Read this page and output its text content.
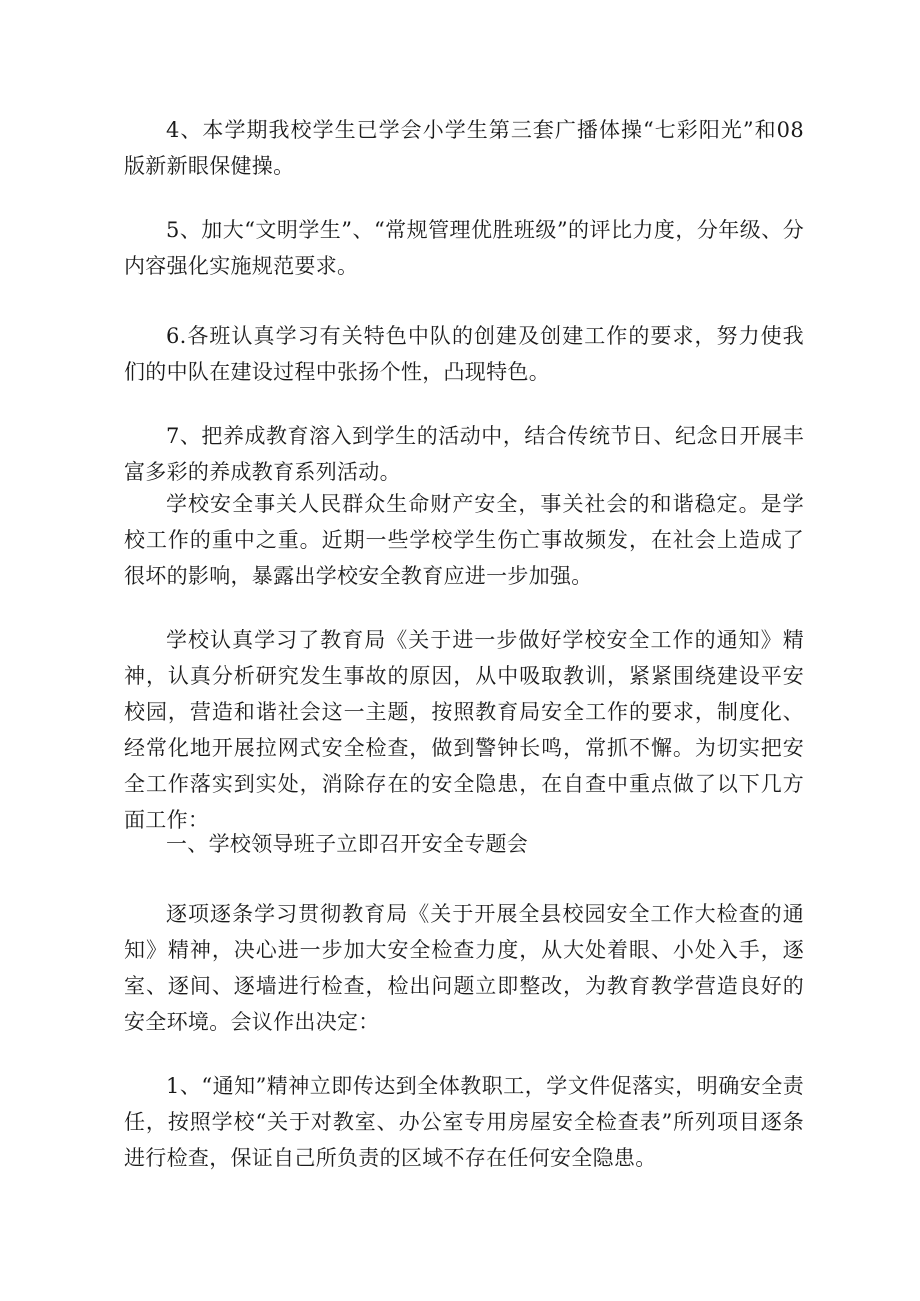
4、本学期我校学生已学会小学生第三套广播体操“七彩阳光”和08版新新眼保健操。

5、加大“文明学生”、“常规管理优胜班级”的评比力度，分年级、分内容强化实施规范要求。

6.各班认真学习有关特色中队的创建及创建工作的要求，努力使我们的中队在建设过程中张扬个性，凸现特色。

7、把养成教育溶入到学生的活动中，结合传统节日、纪念日开展丰富多彩的养成教育系列活动。

学校安全事关人民群众生命财产安全，事关社会的和谐稳定。是学校工作的重中之重。近期一些学校学生伤亡事故频发，在社会上造成了很坏的影响，暴露出学校安全教育应进一步加强。

学校认真学习了教育局《关于进一步做好学校安全工作的通知》精神，认真分析研究发生事故的原因，从中吸取教训，紧紧围绕建设平安校园，营造和谐社会这一主题，按照教育局安全工作的要求，制度化、经常化地开展拉网式安全检查，做到警钟长鸣，常抓不懈。为切实把安全工作落实到实处，消除存在的安全隐患，在自查中重点做了以下几方面工作：

一、学校领导班子立即召开安全专题会

逐项逐条学习贯彻教育局《关于开展全县校园安全工作大检查的通知》精神，决心进一步加大安全检查力度，从大处着眼、小处入手，逐室、逐间、逐墙进行检查，检出问题立即整改，为教育教学营造良好的安全环境。会议作出决定：

1、“通知”精神立即传达到全体教职工，学文件促落实，明确安全责任，按照学校“关于对教室、办公室专用房屋安全检查表”所列项目逐条进行检查，保证自己所负责的区域不存在任何安全隐患。
